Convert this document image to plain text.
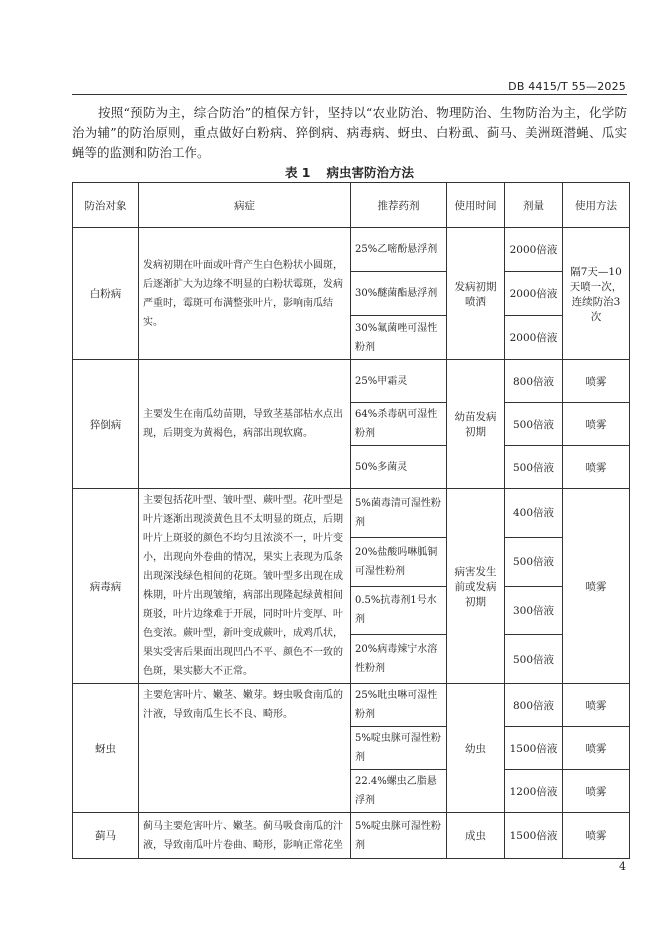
DB 4415/T 55—2025

按照“预防为主，综合防治”的植保方针，坚持以“农业防治、物理防治、生物防治为主，化学防治为辅”的防治原则，重点做好白粉病、猝倒病、病毒病、蚜虫、白粉虱、蓟马、美洲斑潜蝇、瓜实蝇等的监测和防治工作。

表 1 病虫害防治方法
防治对象	病症	推荐药剂	使用时间	剂量	使用方法
白粉病	发病初期在叶面或叶背产生白色粉状小圆斑，后逐渐扩大为边缘不明显的白粉状霉斑，发病严重时，霉斑可布满整张叶片，影响南瓜结实。	25%乙嘧酚悬浮剂	发病初期喷洒	2000倍液	隔7天—10天喷一次，连续防治3次
		30%醚菌酯悬浮剂		2000倍液	
		30%氟菌唑可湿性粉剂		2000倍液	
猝倒病	主要发生在南瓜幼苗期，导致茎基部枯水点出现，后期变为黄褐色，病部出现软腐。	25%甲霜灵	幼苗发病初期	800倍液	喷雾
		64%杀毒矾可湿性粉剂		500倍液	喷雾
		50%多菌灵		500倍液	喷雾
病毒病	主要包括花叶型、皱叶型、蕨叶型。花叶型是叶片逐渐出现淡黄色且不太明显的斑点，后期叶片上斑驳的颜色不均匀且浓淡不一，叶片变小，出现向外卷曲的情况，果实上表现为瓜条出现深浅绿色相间的花斑。皱叶型多出现在成株期，叶片出现皱缩，病部出现隆起绿黄相间斑驳，叶片边缘难于开展，同时叶片变厚、叶色变浓。蕨叶型，新叶变成蕨叶，成鸡爪状，果实受害后果面出现凹凸不平、颜色不一致的色斑，果实膨大不正常。	5%菌毒清可湿性粉剂	病害发生前或发病初期	400倍液	喷雾
		20%盐酸吗啉胍铜可湿性粉剂		500倍液	
		0.5%抗毒剂1号水剂		300倍液	
		20%病毒辣宁水溶性粉剂		500倍液	
蚜虫	主要危害叶片、嫩茎、嫩芽。蚜虫吸食南瓜的汁液，导致南瓜生长不良、畸形。	25%吡虫啉可湿性粉剂	幼虫	800倍液	喷雾
		5%啶虫脒可湿性粉剂		1500倍液	喷雾
		22.4%螺虫乙脂悬浮剂		1200倍液	喷雾
蓟马	蓟马主要危害叶片、嫩茎。蓟马吸食南瓜的汁液，导致南瓜叶片卷曲、畸形，影响正常花坐	5%啶虫脒可湿性粉剂	成虫	1500倍液	喷雾
4
